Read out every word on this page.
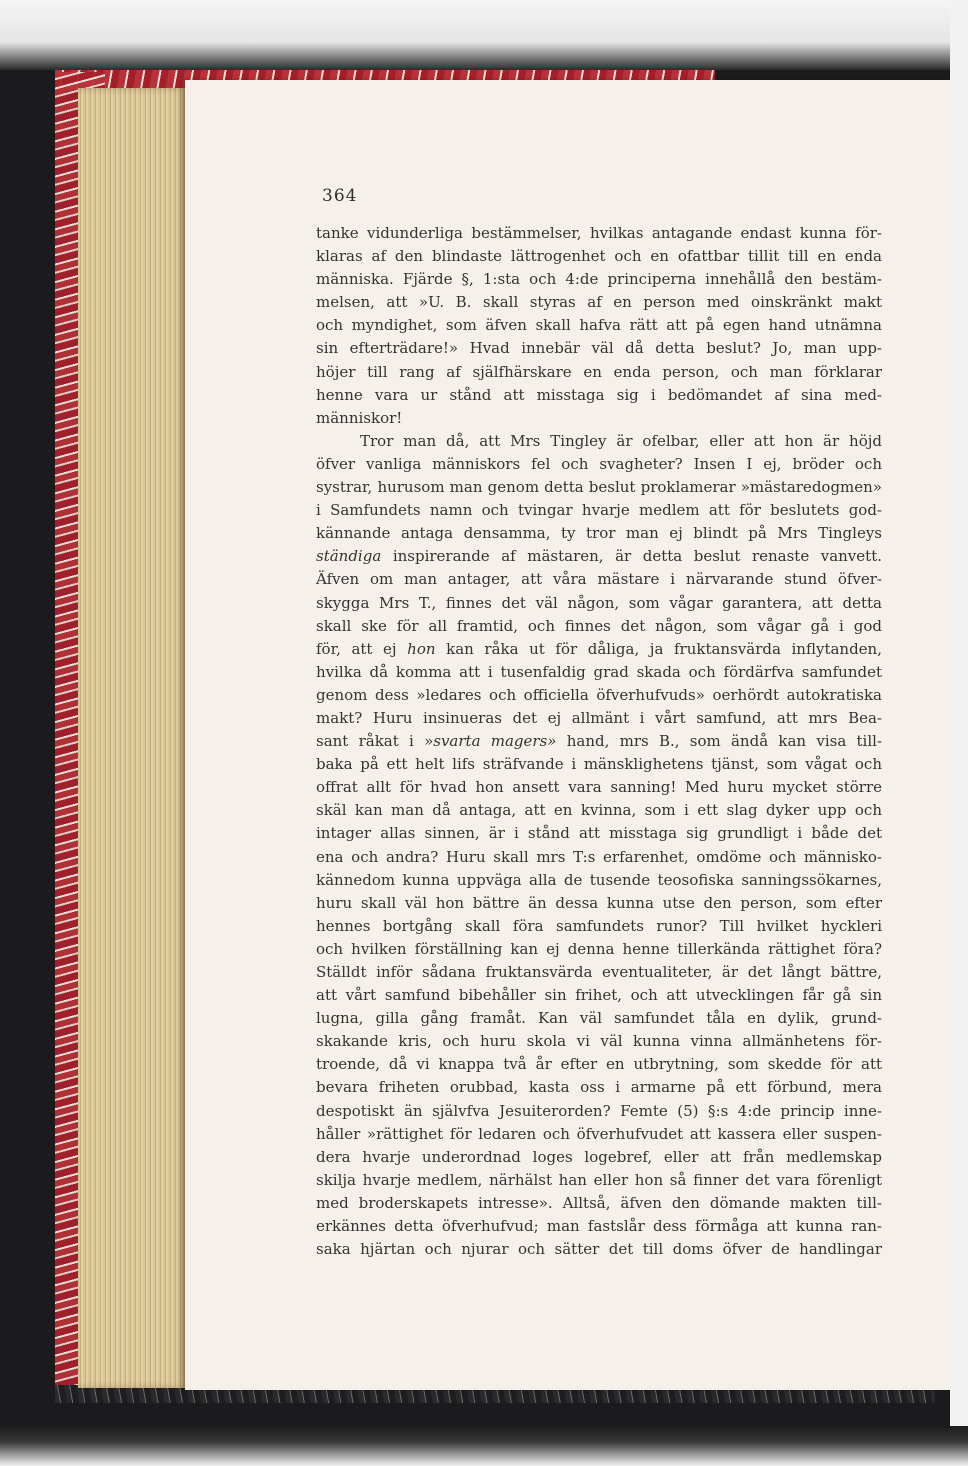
364
tanke vidunderliga bestämmelser, hvilkas antagande endast kunna för-
klaras af den blindaste lättrogenhet och en ofattbar tillit till en enda
människa. Fjärde §, 1:sta och 4:de principerna innehållå den bestäm-
melsen, att »U. B. skall styras af en person med oinskränkt makt
och myndighet, som äfven skall hafva rätt att på egen hand utnämna
sin efterträdare!» Hvad innebär väl då detta beslut? Jo, man upp-
höjer till rang af själfhärskare en enda person, och man förklarar
henne vara ur stånd att misstaga sig i bedömandet af sina med-
människor!
Tror man då, att Mrs Tingley är ofelbar, eller att hon är höjd
öfver vanliga människors fel och svagheter? Insen I ej, bröder och
systrar, hurusom man genom detta beslut proklamerar »mästaredogmen»
i Samfundets namn och tvingar hvarje medlem att för beslutets god-
kännande antaga densamma, ty tror man ej blindt på Mrs Tingleys
ständiga inspirerande af mästaren, är detta beslut renaste vanvett.
Äfven om man antager, att våra mästare i närvarande stund öfver-
skygga Mrs T., finnes det väl någon, som vågar garantera, att detta
skall ske för all framtid, och finnes det någon, som vågar gå i god
för, att ej hon kan råka ut för dåliga, ja fruktansvärda inflytanden,
hvilka då komma att i tusenfaldig grad skada och fördärfva samfundet
genom dess »ledares och officiella öfverhufvuds» oerhördt autokratiska
makt? Huru insinueras det ej allmänt i vårt samfund, att mrs Bea-
sant råkat i »svarta magers» hand, mrs B., som ändå kan visa till-
baka på ett helt lifs sträfvande i mänsklighetens tjänst, som vågat och
offrat allt för hvad hon ansett vara sanning! Med huru mycket större
skäl kan man då antaga, att en kvinna, som i ett slag dyker upp och
intager allas sinnen, är i stånd att misstaga sig grundligt i både det
ena och andra? Huru skall mrs T:s erfarenhet, omdöme och människo-
kännedom kunna uppväga alla de tusende teosofiska sanningssökarnes,
huru skall väl hon bättre än dessa kunna utse den person, som efter
hennes bortgång skall föra samfundets runor? Till hvilket hyckleri
och hvilken förställning kan ej denna henne tillerkända rättighet föra?
Ställdt inför sådana fruktansvärda eventualiteter, är det långt bättre,
att vårt samfund bibehåller sin frihet, och att utvecklingen får gå sin
lugna, gilla gång framåt. Kan väl samfundet tåla en dylik, grund-
skakande kris, och huru skola vi väl kunna vinna allmänhetens för-
troende, då vi knappa två år efter en utbrytning, som skedde för att
bevara friheten orubbad, kasta oss i armarne på ett förbund, mera
despotiskt än självfva Jesuiterorden? Femte (5) §:s 4:de princip inne-
håller »rättighet för ledaren och öfverhufvudet att kassera eller suspen-
dera hvarje underordnad loges logebref, eller att från medlemskap
skilja hvarje medlem, närhälst han eller hon så finner det vara förenligt
med broderskapets intresse». Alltså, äfven den dömande makten till-
erkännes detta öfverhufvud; man fastslår dess förmåga att kunna ran-
saka hjärtan och njurar och sätter det till doms öfver de handlingar
